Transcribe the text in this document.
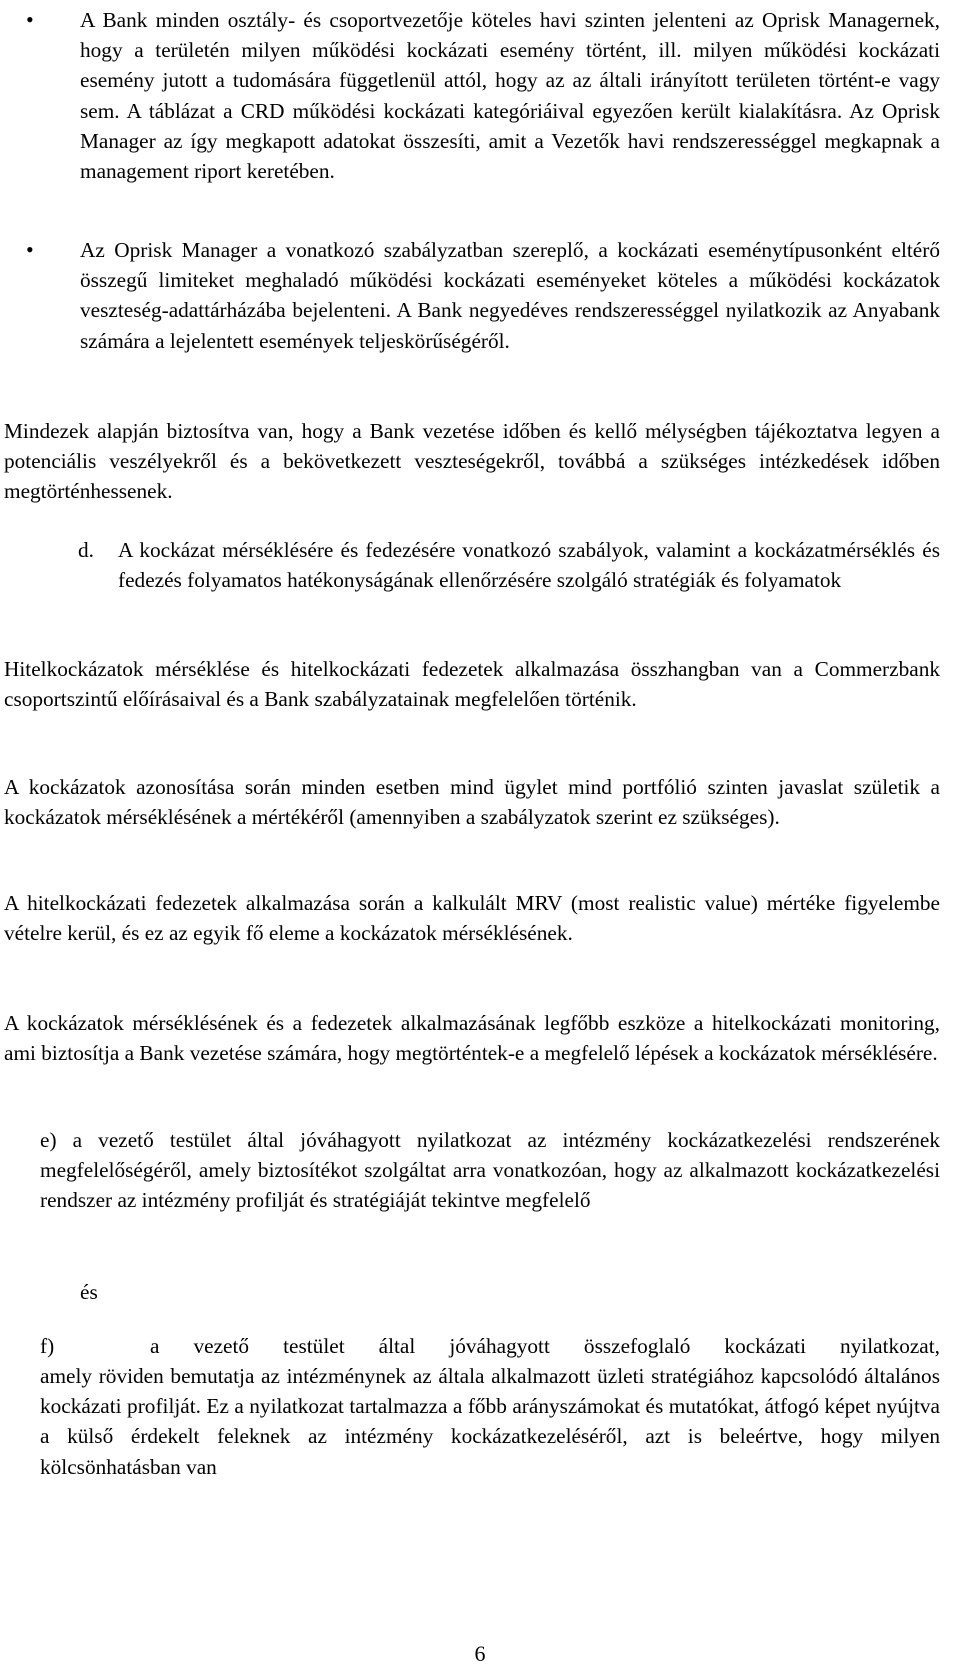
• A Bank minden osztály- és csoportvezetője köteles havi szinten jelenteni az Oprisk Managernek, hogy a területén milyen működési kockázati esemény történt, ill. milyen működési kockázati esemény jutott a tudomására függetlenül attól, hogy az az általi irányított területen történt-e vagy sem. A táblázat a CRD működési kockázati kategóriáival egyezően került kialakításra. Az Oprisk Manager az így megkapott adatokat összesíti, amit a Vezetők havi rendszerességgel megkapnak a management riport keretében.

• Az Oprisk Manager a vonatkozó szabályzatban szereplő, a kockázati eseménytípusonként eltérő összegű limiteket meghaladó működési kockázati eseményeket köteles a működési kockázatok veszteség-adattárházába bejelenteni. A Bank negyedéves rendszerességgel nyilatkozik az Anyabank számára a lejelentett események teljeskörűségéről.

Mindezek alapján biztosítva van, hogy a Bank vezetése időben és kellő mélységben tájékoztatva legyen a potenciális veszélyekről és a bekövetkezett veszteségekről, továbbá a szükséges intézkedések időben megtörténhessenek.

d. A kockázat mérséklésére és fedezésére vonatkozó szabályok, valamint a kockázatmérséklés és fedezés folyamatos hatékonyságának ellenőrzésére szolgáló stratégiák és folyamatok

Hitelkockázatok mérséklése és hitelkockázati fedezetek alkalmazása összhangban van a Commerzbank csoportszintű előírásaival és a Bank szabályzatainak megfelelően történik.

A kockázatok azonosítása során minden esetben mind ügylet mind portfólió szinten javaslat születik a kockázatok mérséklésének a mértékéről (amennyiben a szabályzatok szerint ez szükséges).

A hitelkockázati fedezetek alkalmazása során a kalkulált MRV (most realistic value) mértéke figyelembe vételre kerül, és ez az egyik fő eleme a kockázatok mérséklésének.

A kockázatok mérséklésének és a fedezetek alkalmazásának legfőbb eszköze a hitelkockázati monitoring, ami biztosítja a Bank vezetése számára, hogy megtörténtek-e a megfelelő lépések a kockázatok mérséklésére.

e) a vezető testület által jóváhagyott nyilatkozat az intézmény kockázatkezelési rendszerének megfelelőségéről, amely biztosítékot szolgáltat arra vonatkozóan, hogy az alkalmazott kockázatkezelési rendszer az intézmény profilját és stratégiáját tekintve megfelelő

és

f)	a vezető testület által jóváhagyott összefoglaló kockázati nyilatkozat,

amely röviden bemutatja az intézménynek az általa alkalmazott üzleti stratégiához kapcsolódó általános kockázati profilját. Ez a nyilatkozat tartalmazza a főbb arányszámokat és mutatókat, átfogó képet nyújtva a külső érdekelt feleknek az intézmény kockázatkezeléséről, azt is beleértve, hogy milyen kölcsönhatásban van

6
